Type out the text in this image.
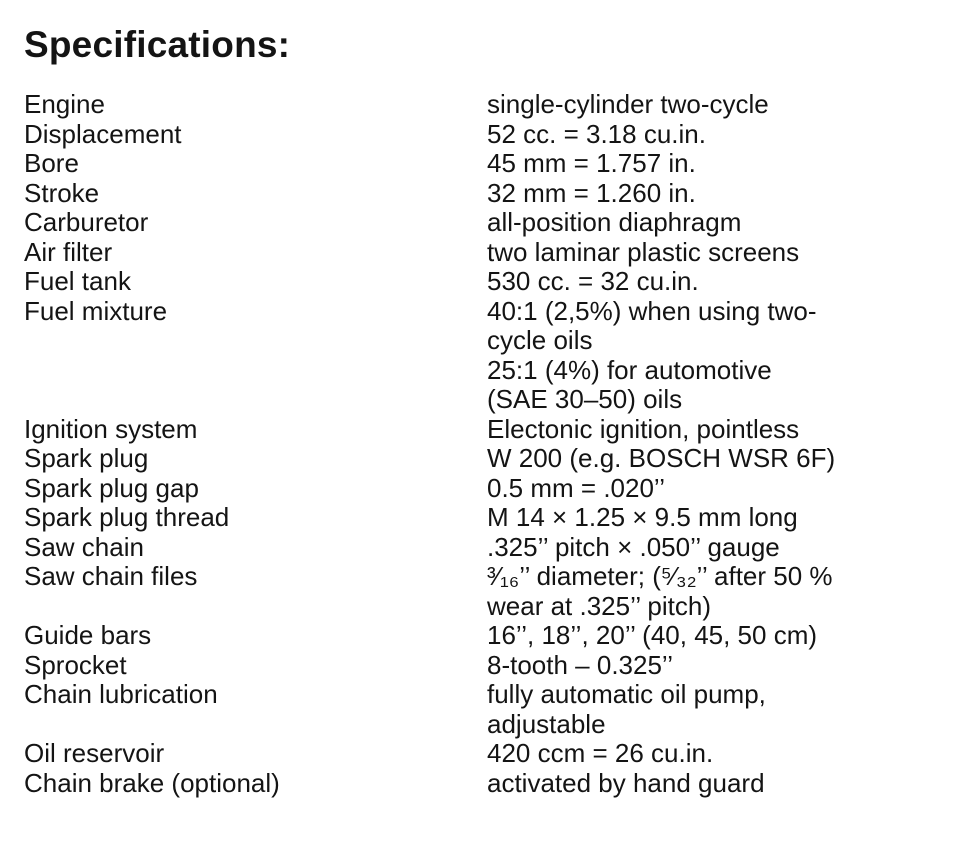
Specifications:
Engine	single-cylinder two-cycle
Displacement	52 cc. = 3.18 cu.in.
Bore	45 mm = 1.757 in.
Stroke	32 mm = 1.260 in.
Carburetor	all-position diaphragm
Air filter	two laminar plastic screens
Fuel tank	530 cc. = 32 cu.in.
Fuel mixture	40:1 (2,5%) when using two-
cycle oils
25:1 (4%) for automotive
(SAE 30–50) oils
Ignition system	Electonic ignition, pointless
Spark plug	W 200 (e.g. BOSCH WSR 6F)
Spark plug gap	0.5 mm = .020’’
Spark plug thread	M 14 × 1.25 × 9.5 mm long
Saw chain	.325’’ pitch × .050’’ gauge
Saw chain files	³⁄₁₆’’ diameter; (⁵⁄₃₂’’ after 50 %
wear at .325’’ pitch)
Guide bars	16’’, 18’’, 20’’ (40, 45, 50 cm)
Sprocket	8-tooth – 0.325’’
Chain lubrication	fully automatic oil pump,
adjustable
Oil reservoir	420 ccm = 26 cu.in.
Chain brake (optional)	activated by hand guard
